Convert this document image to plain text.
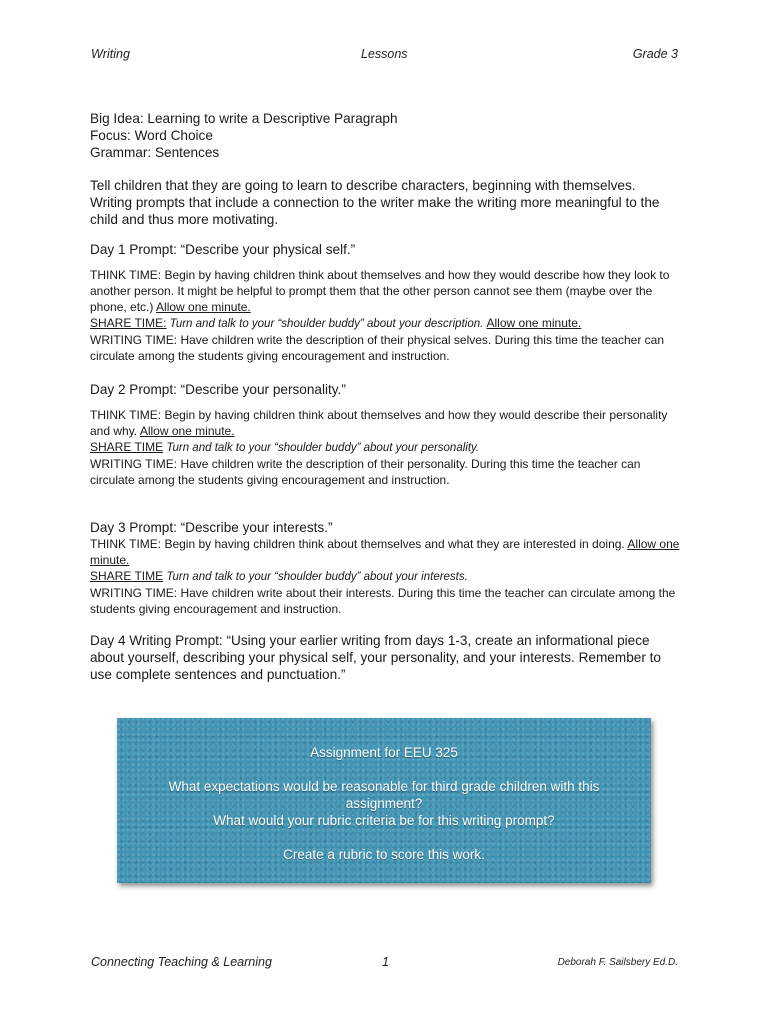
Writing	Lessons	Grade 3

Big Idea: Learning to write a Descriptive Paragraph

Focus: Word Choice

Grammar: Sentences

Tell children that they are going to learn to describe characters, beginning with themselves. Writing prompts that include a connection to the writer make the writing more meaningful to the child and thus more motivating.

Day 1 Prompt: “Describe your physical self.”

THINK TIME: Begin by having children think about themselves and how they would describe how they look to another person. It might be helpful to prompt them that the other person cannot see them (maybe over the phone, etc.) Allow one minute.
SHARE TIME: Turn and talk to your “shoulder buddy” about your description. Allow one minute.
WRITING TIME: Have children write the description of their physical selves. During this time the teacher can circulate among the students giving encouragement and instruction.

Day 2 Prompt: “Describe your personality.”

THINK TIME: Begin by having children think about themselves and how they would describe their personality and why. Allow one minute.
SHARE TIME Turn and talk to your “shoulder buddy” about your personality.
WRITING TIME: Have children write the description of their personality. During this time the teacher can circulate among the students giving encouragement and instruction.

Day 3 Prompt: “Describe your interests.”

THINK TIME: Begin by having children think about themselves and what they are interested in doing. Allow one minute.
SHARE TIME Turn and talk to your “shoulder buddy” about your interests.
WRITING TIME: Have children write about their interests. During this time the teacher can circulate among the students giving encouragement and instruction.

Day 4 Writing Prompt: “Using your earlier writing from days 1-3, create an informational piece about yourself, describing your physical self, your personality, and your interests. Remember to use complete sentences and punctuation.”

Assignment for EEU 325

What expectations would be reasonable for third grade children with this assignment?

What would your rubric criteria be for this writing prompt?

Create a rubric to score this work.

Connecting Teaching & Learning	1	Deborah F. Sailsbery Ed.D.
